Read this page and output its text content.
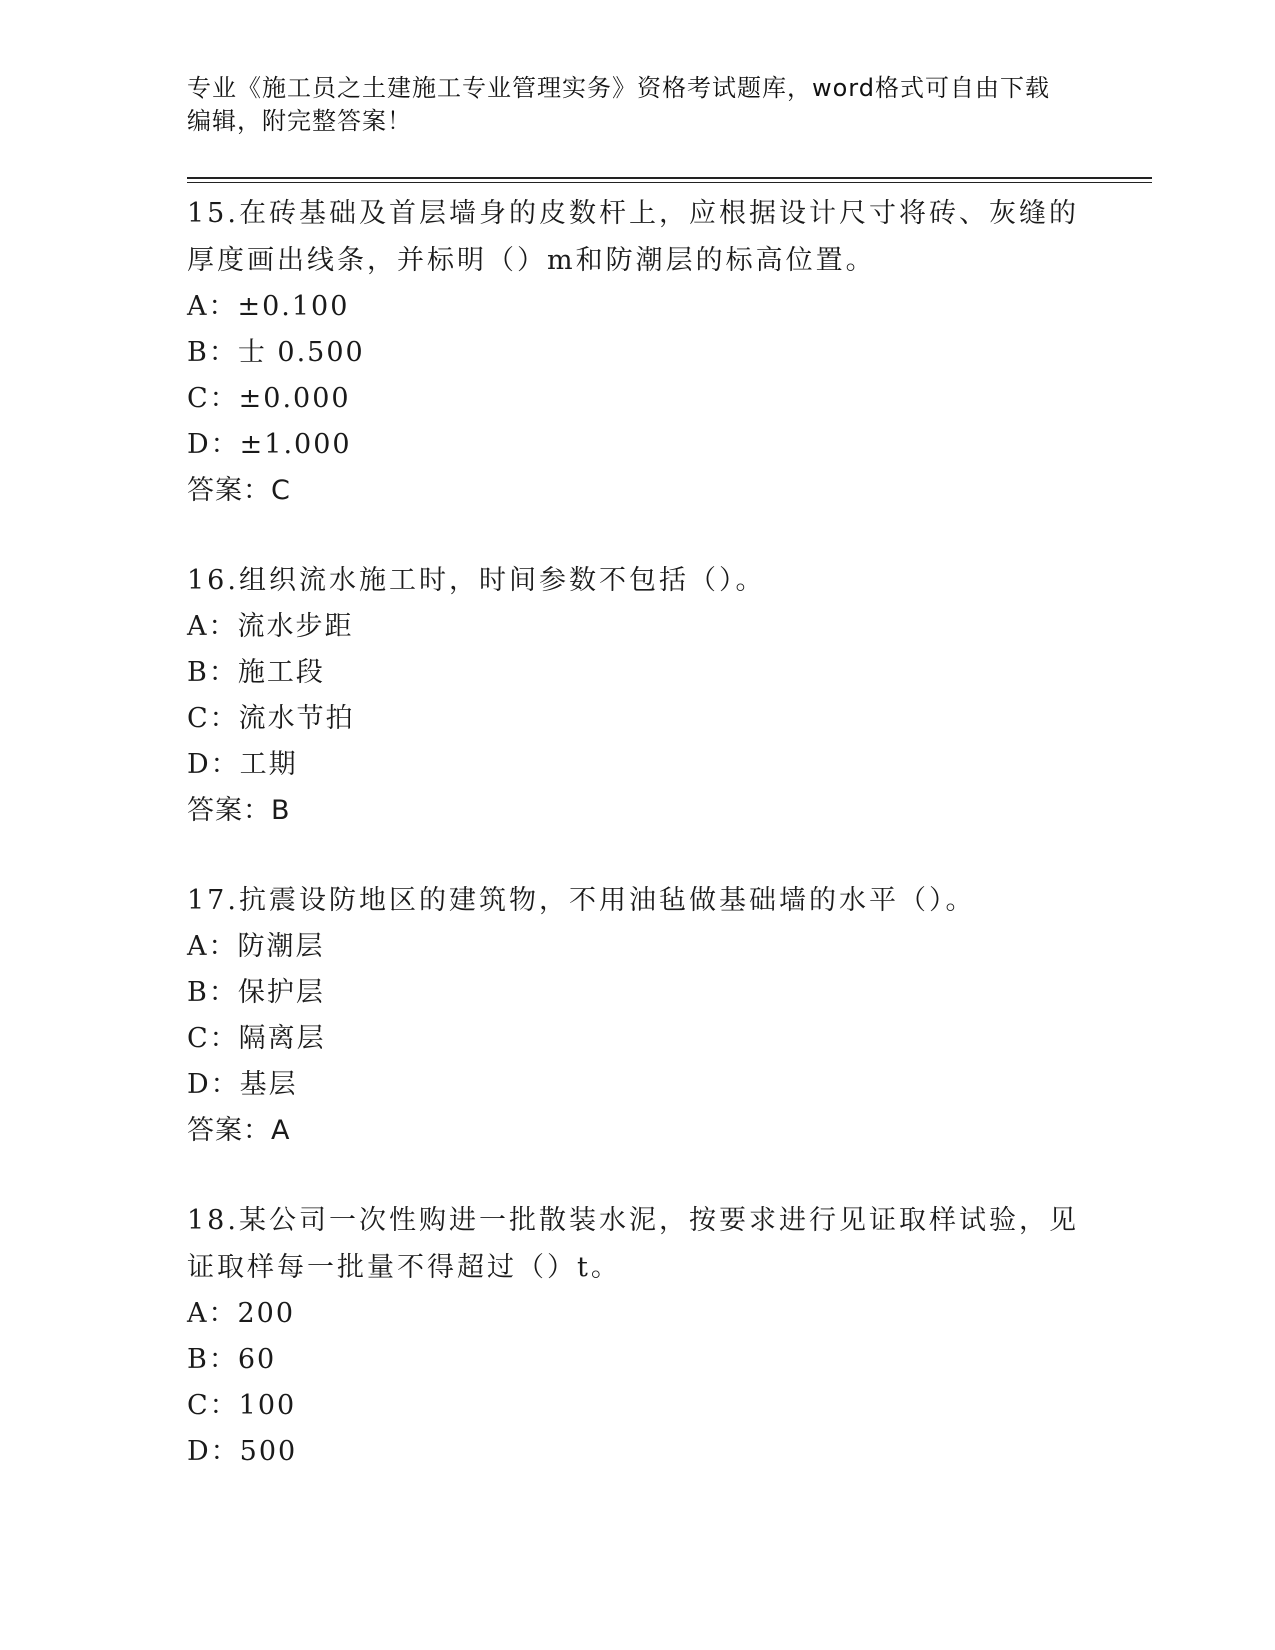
专业《施工员之土建施工专业管理实务》资格考试题库，word格式可自由下载编辑，附完整答案！
15.在砖基础及首层墙身的皮数杆上，应根据设计尺寸将砖、灰缝的厚度画出线条，并标明（）m和防潮层的标高位置。
A：±0.100
B：士 0.500
C：±0.000
D：±1.000
答案：C
16.组织流水施工时，时间参数不包括（）。
A：流水步距
B：施工段
C：流水节拍
D：工期
答案：B
17.抗震设防地区的建筑物，不用油毡做基础墙的水平（）。
A：防潮层
B：保护层
C：隔离层
D：基层
答案：A
18.某公司一次性购进一批散装水泥，按要求进行见证取样试验，见证取样每一批量不得超过（）t。
A：200
B：60
C：100
D：500
